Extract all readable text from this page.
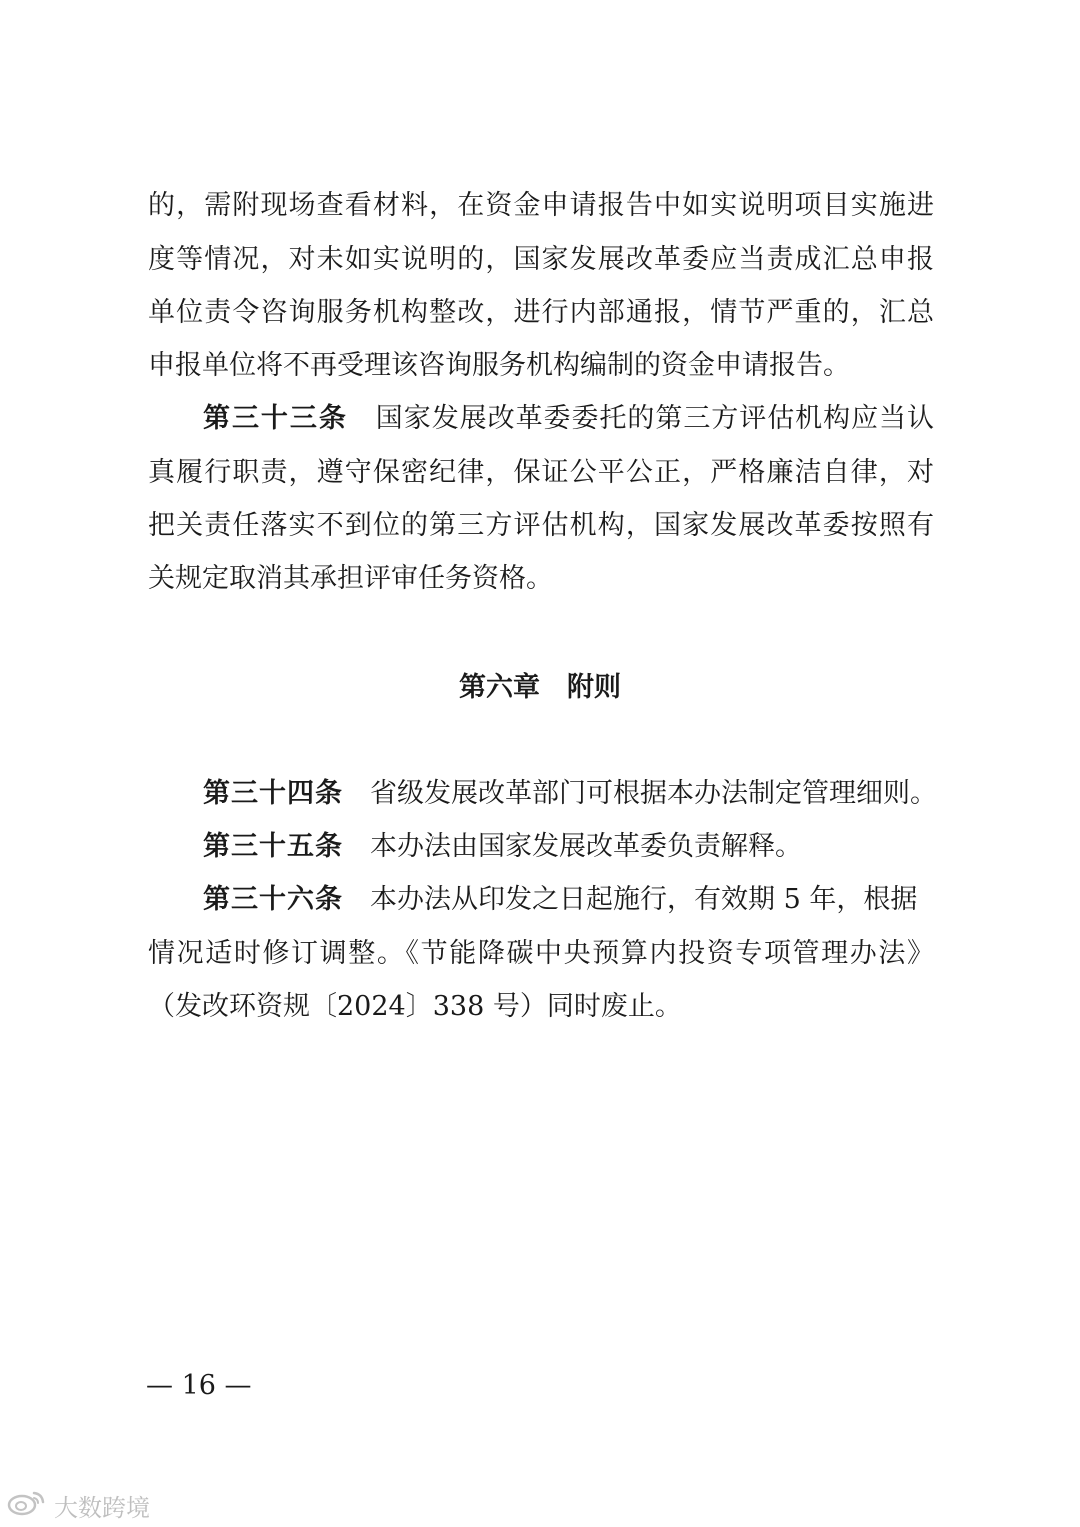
的，需附现场查看材料，在资金申请报告中如实说明项目实施进
度等情况，对未如实说明的，国家发展改革委应当责成汇总申报
单位责令咨询服务机构整改，进行内部通报，情节严重的，汇总
申报单位将不再受理该咨询服务机构编制的资金申请报告。
第三十三条　 国家发展改革委委托的第三方评估机构应当认
真履行职责，遵守保密纪律，保证公平公正，严格廉洁自律，对
把关责任落实不到位的第三方评估机构，国家发展改革委按照有
关规定取消其承担评审任务资格。
第六章　附则
第三十四条　 省级发展改革部门可根据本办法制定管理细则。
第三十五条　 本办法由国家发展改革委负责解释。
第三十六条　 本办法从印发之日起施行，有效期 5 年，根据
情况适时修订调整。《节能降碳中央预算内投资专项管理办法》
（发改环资规〔2024〕338 号）同时废止。
— 16 —
大数跨境
